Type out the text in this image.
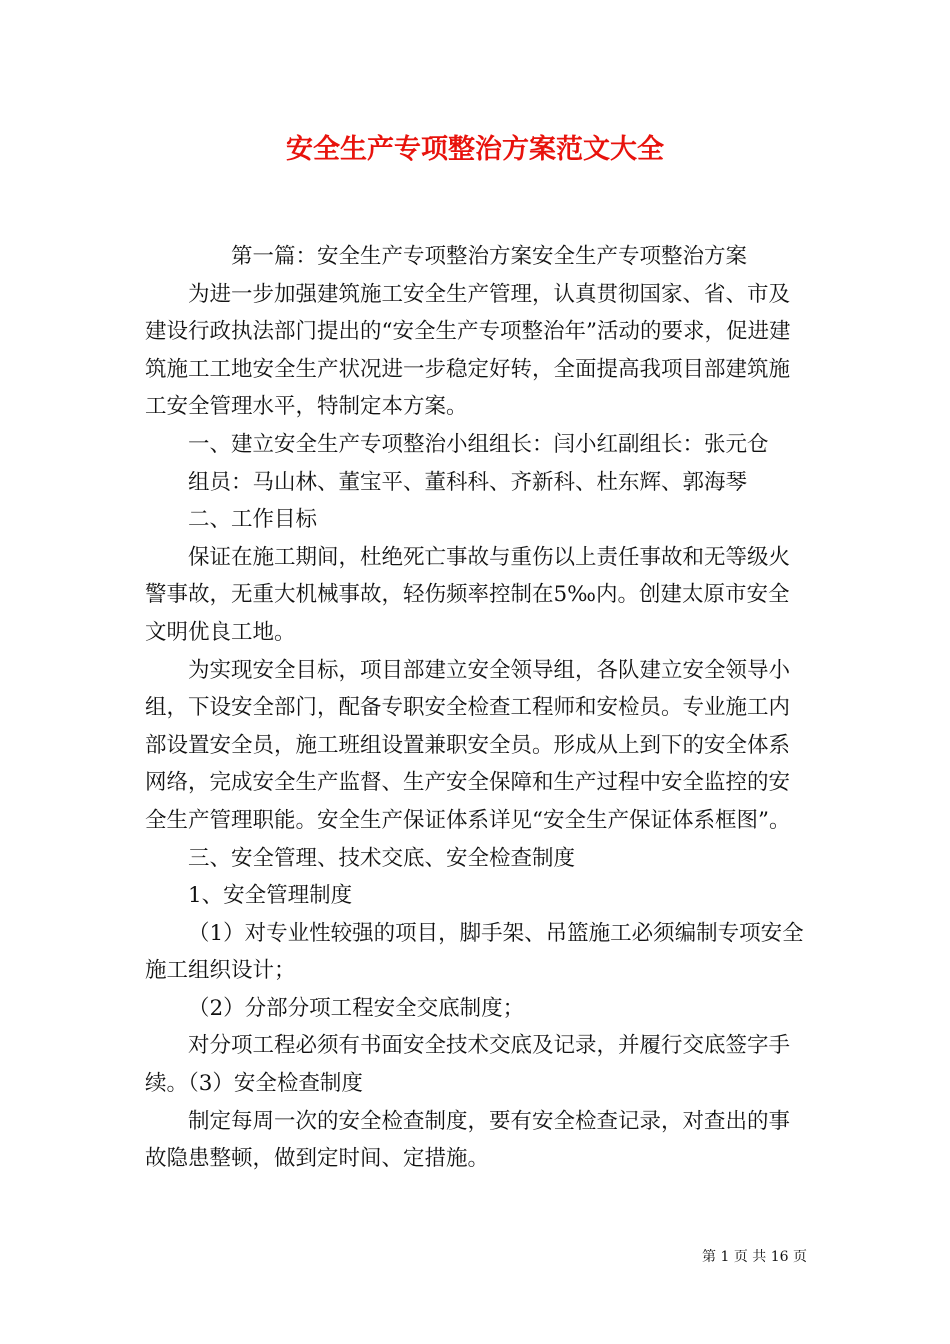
安全生产专项整治方案范文大全

第一篇：安全生产专项整治方案安全生产专项整治方案

为进一步加强建筑施工安全生产管理，认真贯彻国家、省、市及建设行政执法部门提出的“安全生产专项整治年”活动的要求，促进建筑施工工地安全生产状况进一步稳定好转，全面提高我项目部建筑施工安全管理水平，特制定本方案。

一、建立安全生产专项整治小组组长：闫小红副组长：张元仓

组员：马山林、董宝平、董科科、齐新科、杜东辉、郭海琴

二、工作目标

保证在施工期间，杜绝死亡事故与重伤以上责任事故和无等级火警事故，无重大机械事故，轻伤频率控制在5‰内。创建太原市安全文明优良工地。

为实现安全目标，项目部建立安全领导组，各队建立安全领导小组，下设安全部门，配备专职安全检查工程师和安检员。专业施工内部设置安全员，施工班组设置兼职安全员。形成从上到下的安全体系网络，完成安全生产监督、生产安全保障和生产过程中安全监控的安全生产管理职能。安全生产保证体系详见“安全生产保证体系框图”。

三、安全管理、技术交底、安全检查制度

1、安全管理制度

（1）对专业性较强的项目，脚手架、吊篮施工必须编制专项安全施工组织设计；

（2）分部分项工程安全交底制度；

对分项工程必须有书面安全技术交底及记录，并履行交底签字手续。（3）安全检查制度

制定每周一次的安全检查制度，要有安全检查记录，对查出的事故隐患整顿，做到定时间、定措施。

第 1 页 共 16 页
